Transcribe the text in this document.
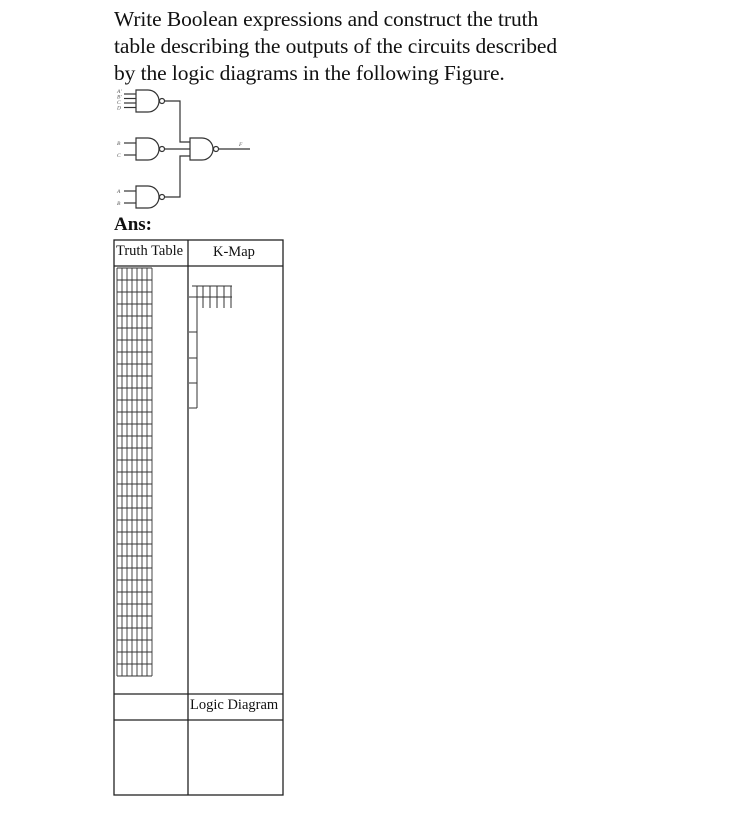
Write Boolean expressions and construct the truth
table describing the outputs of the circuits described
by the logic diagrams in the following Figure.
A'
B'
C
D
B
C
A
B
F
Ans:
Truth Table K-Map
Logic Diagram
